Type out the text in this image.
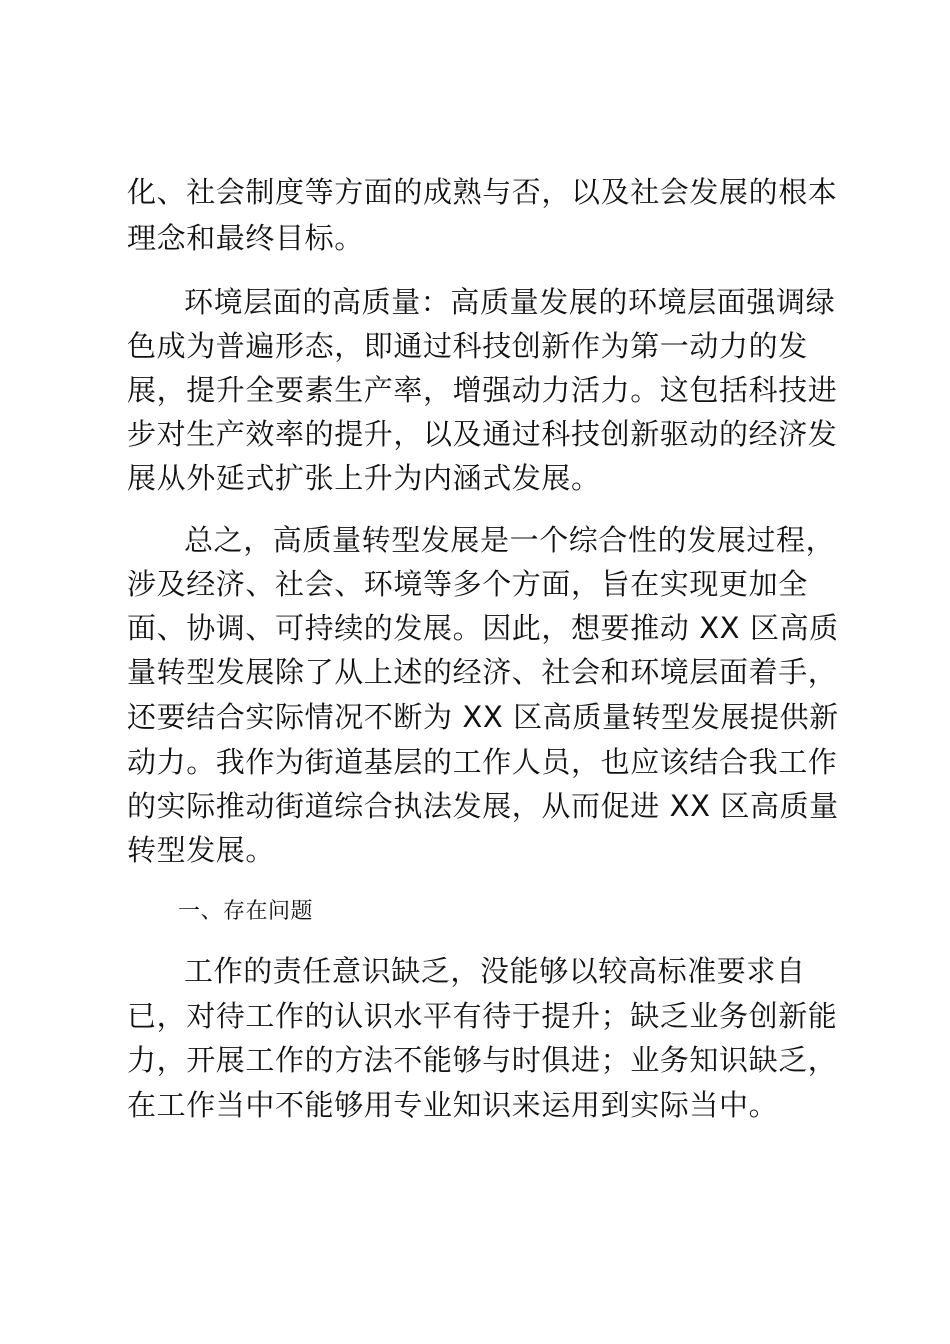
化、社会制度等方面的成熟与否，以及社会发展的根本
理念和最终目标。
环境层面的高质量：高质量发展的环境层面强调绿
色成为普遍形态，即通过科技创新作为第一动力的发
展，提升全要素生产率，增强动力活力。这包括科技进
步对生产效率的提升，以及通过科技创新驱动的经济发
展从外延式扩张上升为内涵式发展。
总之，高质量转型发展是一个综合性的发展过程，
涉及经济、社会、环境等多个方面，旨在实现更加全
面、协调、可持续的发展。因此，想要推动 XX 区高质
量转型发展除了从上述的经济、社会和环境层面着手，
还要结合实际情况不断为 XX 区高质量转型发展提供新
动力。我作为街道基层的工作人员，也应该结合我工作
的实际推动街道综合执法发展，从而促进 XX 区高质量
转型发展。
一、存在问题
工作的责任意识缺乏，没能够以较高标准要求自
已，对待工作的认识水平有待于提升；缺乏业务创新能
力，开展工作的方法不能够与时俱进；业务知识缺乏，
在工作当中不能够用专业知识来运用到实际当中。
